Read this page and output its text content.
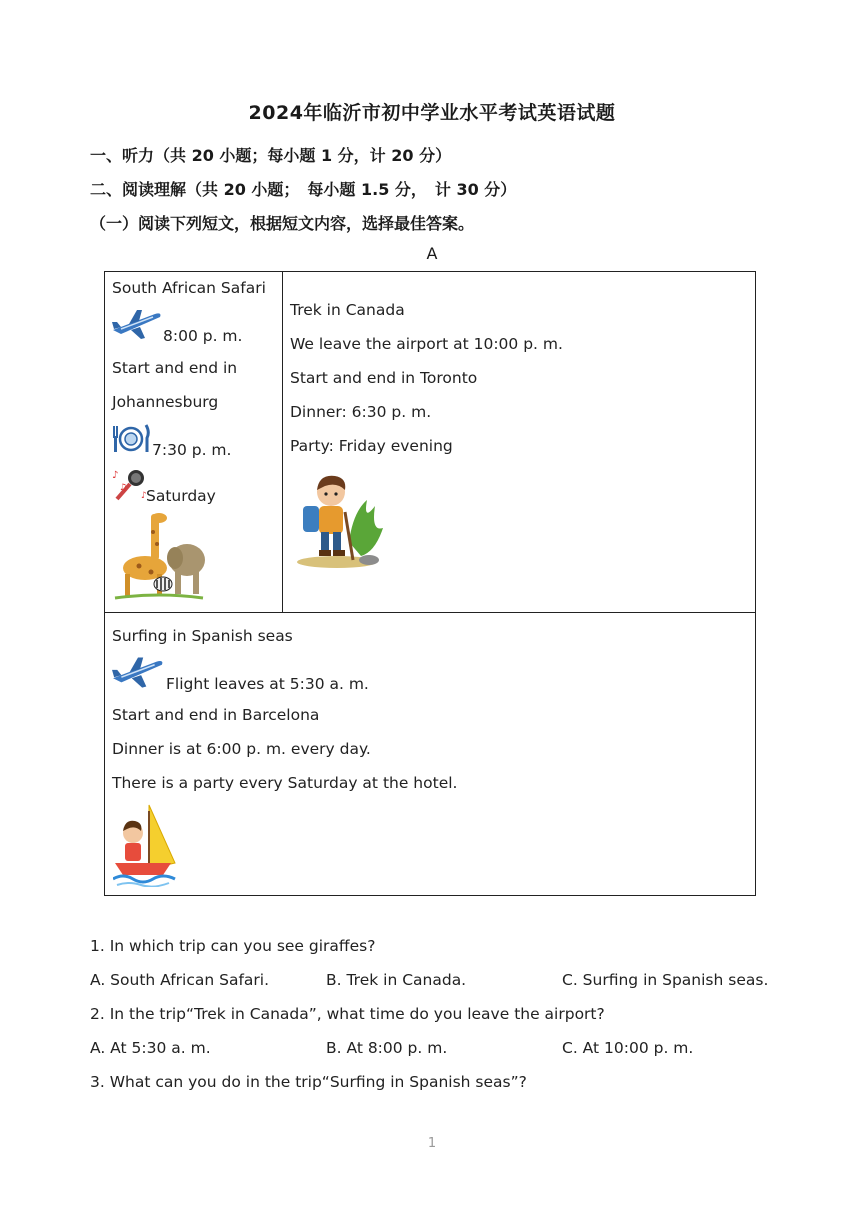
2024年临沂市初中学业水平考试英语试题
一、听力（共 20 小题；每小题 1 分，计 20 分）
二、阅读理解（共 20 小题；　每小题 1.5 分，　计 30 分）
（一）阅读下列短文，根据短文内容，选择最佳答案。
A
South African Safari
8:00 p. m.
Start and end in
Johannesburg
7:30 p. m.
♪
♫
♪ Saturday
Trek in Canada
We leave the airport at 10:00 p. m.
Start and end in Toronto
Dinner: 6:30 p. m.
Party: Friday evening
Surfing in Spanish seas
Flight leaves at 5:30 a. m.
Start and end in Barcelona
Dinner is at 6:00 p. m. every day.
There is a party every Saturday at the hotel.
1. In which trip can you see giraffes?
A. South African Safari.	B. Trek in Canada.	C. Surfing in Spanish seas.
2. In the trip“Trek in Canada”, what time do you leave the airport?
A. At 5:30 a. m.	B. At 8:00 p. m.	C. At 10:00 p. m.
3. What can you do in the trip“Surfing in Spanish seas”?
1
